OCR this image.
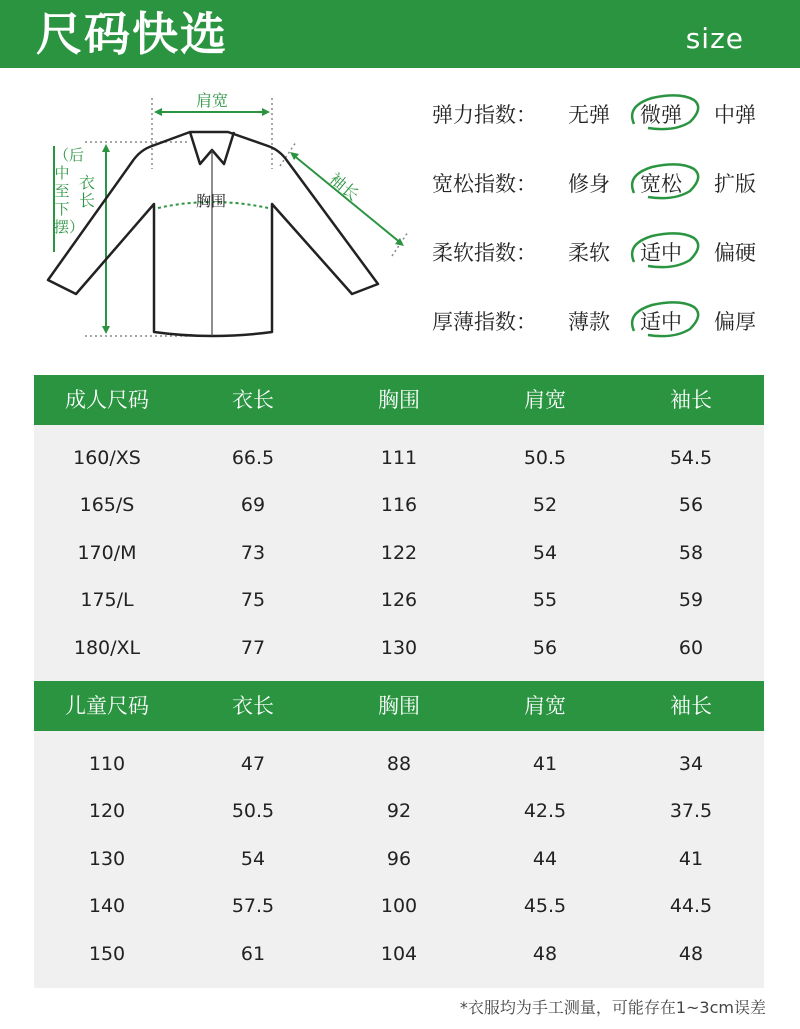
尺码快选	size
肩宽
衣长
（后中至下摆）
胸围	袖长
弹力指数： 无弹 微弹 中弹
宽松指数： 修身 宽松 扩版
柔软指数： 柔软 适中 偏硬
厚薄指数： 薄款 适中 偏厚
成人尺码	衣长	胸围	肩宽	袖长
160/XS	66.5	111	50.5	54.5
165/S	69	116	52	56
170/M	73	122	54	58
175/L	75	126	55	59
180/XL	77	130	56	60
儿童尺码	衣长	胸围	肩宽	袖长
110	47	88	41	34
120	50.5	92	42.5	37.5
130	54	96	44	41
140	57.5	100	45.5	44.5
150	61	104	48	48
*衣服均为手工测量，可能存在1~3cm误差
